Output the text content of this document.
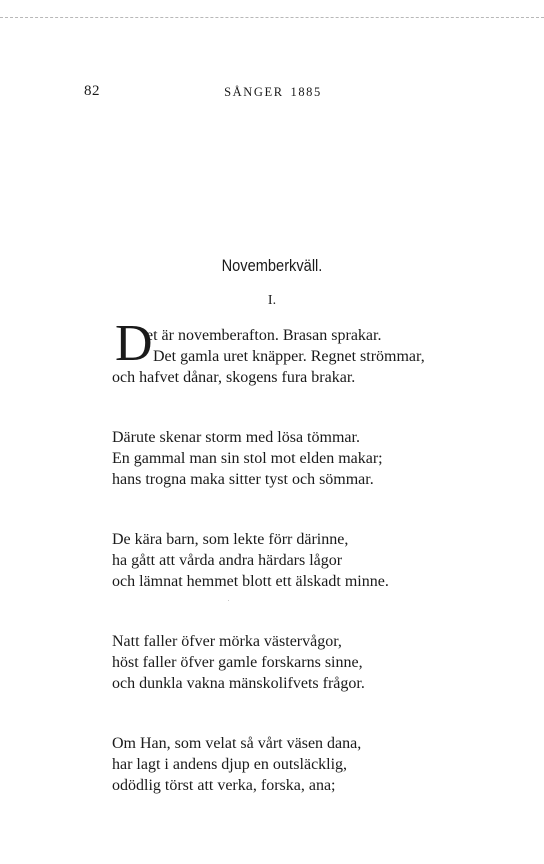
82	SÅNGER 1885
Novemberkväll.
I.
D
et är novemberafton. Brasan sprakar.
Det gamla uret knäpper. Regnet strömmar,
och hafvet dånar, skogens fura brakar.
Därute skenar storm med lösa tömmar.
En gammal man sin stol mot elden makar;
hans trogna maka sitter tyst och sömmar.
De kära barn, som lekte förr därinne,
ha gått att vårda andra härdars lågor
och lämnat hemmet blott ett älskadt minne.
Natt faller öfver mörka västervågor,
höst faller öfver gamle forskarns sinne,
och dunkla vakna mänskolifvets frågor.
Om Han, som velat så vårt väsen dana,
har lagt i andens djup en outsläcklig,
odödlig törst att verka, forska, ana;
